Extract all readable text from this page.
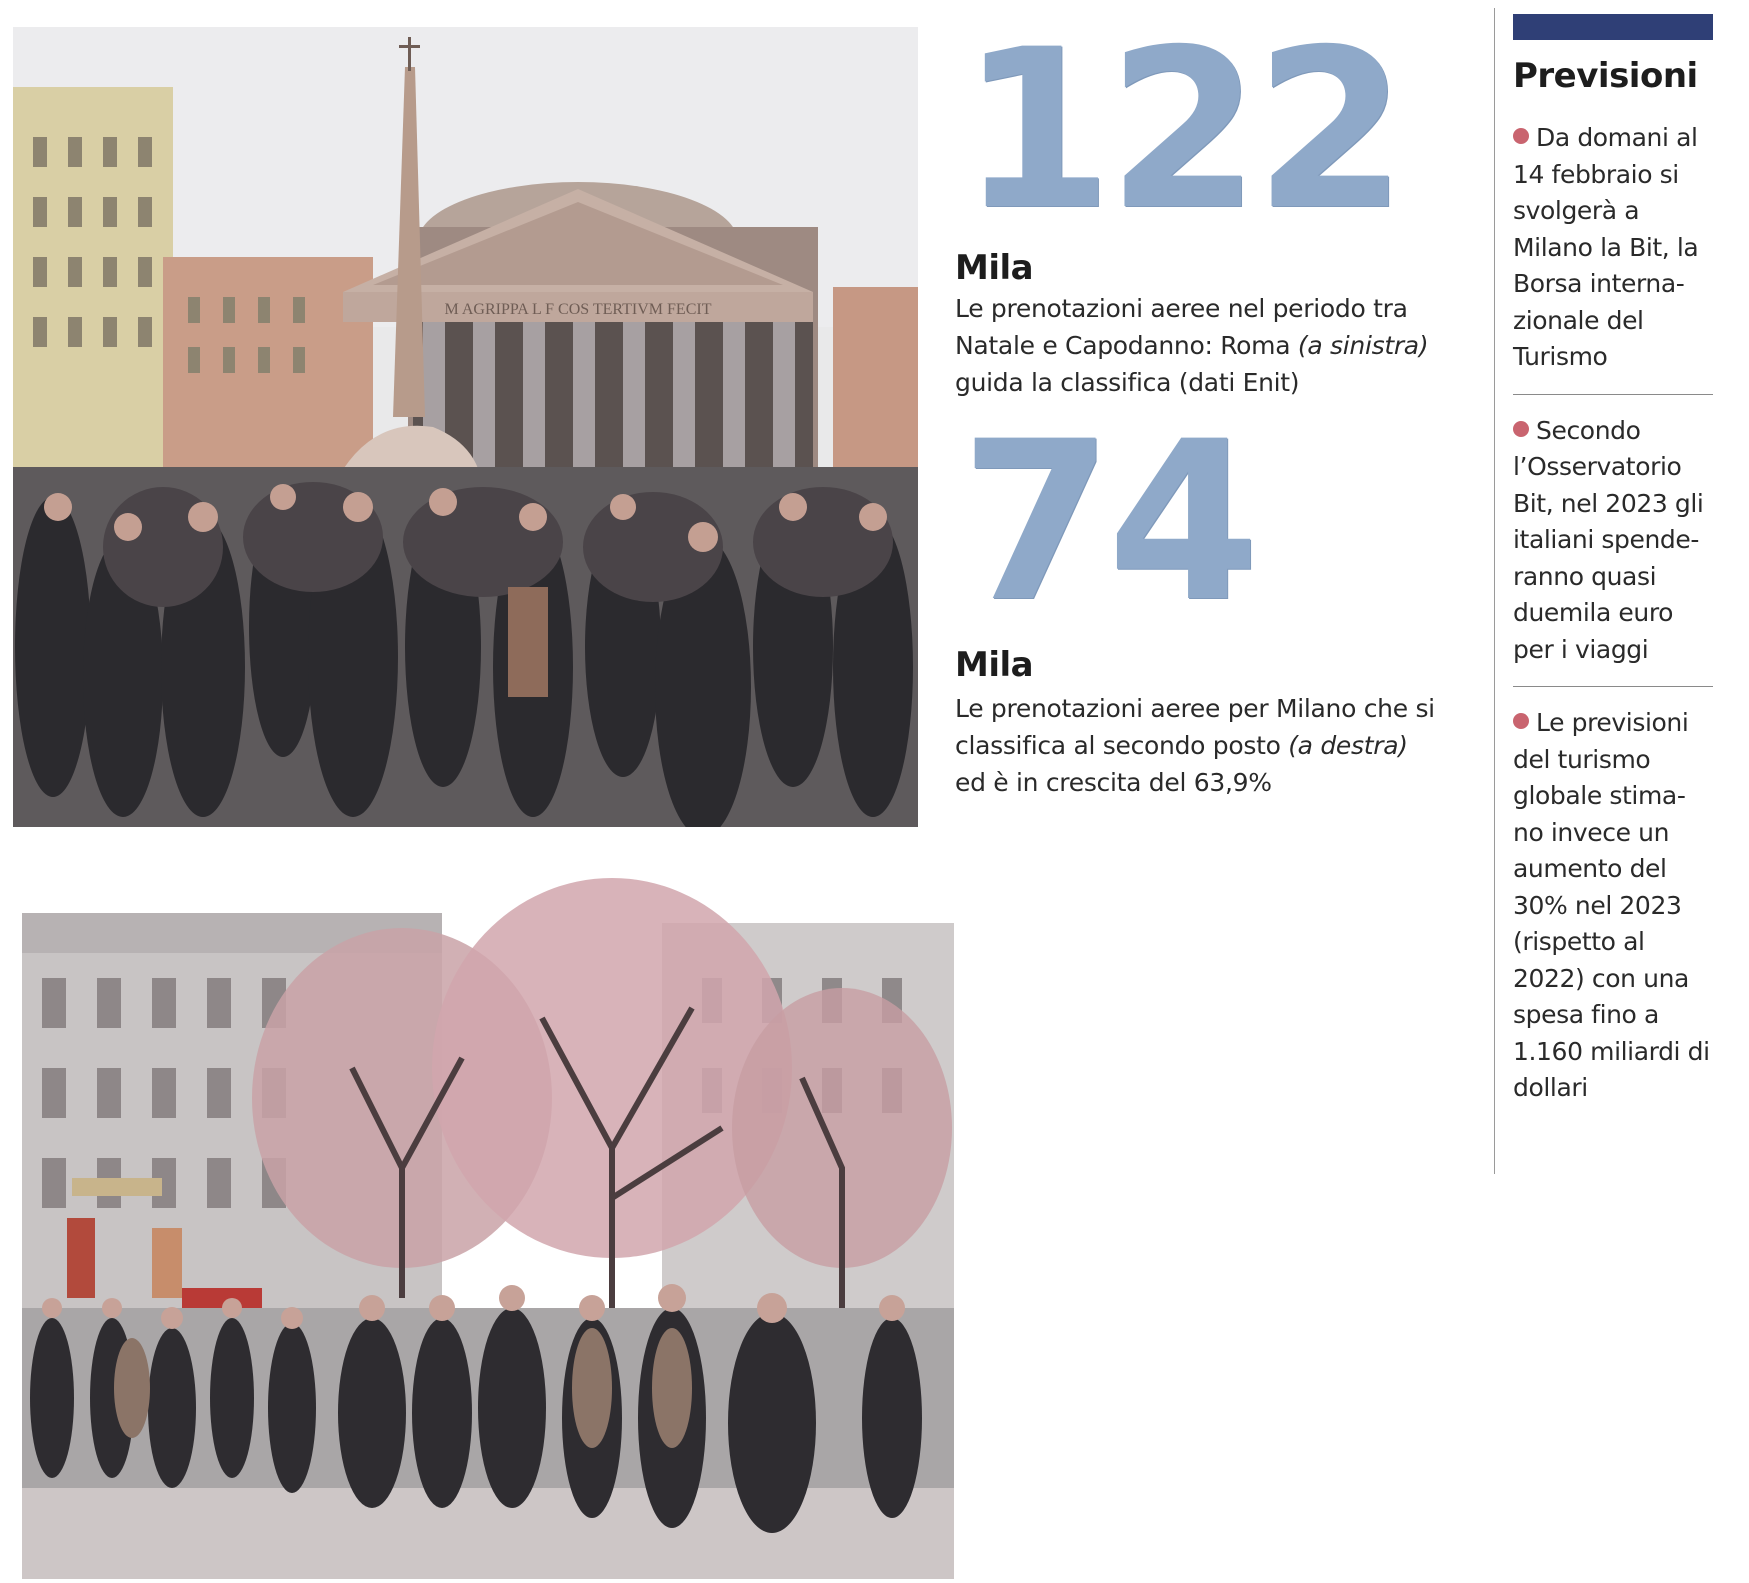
M AGRIPPA L F COS TERTIVM FECIT
122
Mila
Le prenotazioni aeree nel periodo tra Natale e Capodanno: Roma (a sinistra) guida la classifica (dati Enit)
74
Mila
Le prenotazioni aeree per Milano che si classifica al secondo posto (a destra) ed è in crescita del 63,9%
Previsioni
Da domani al 14 febbraio si svolgerà a Milano la Bit, la Borsa interna-zionale del Turismo
Secondo l’Osservatorio Bit, nel 2023 gli italiani spende-ranno quasi duemila euro per i viaggi
Le previsioni del turismo globale stima-no invece un aumento del 30% nel 2023 (rispetto al 2022) con una spesa fino a 1.160 miliardi di dollari
